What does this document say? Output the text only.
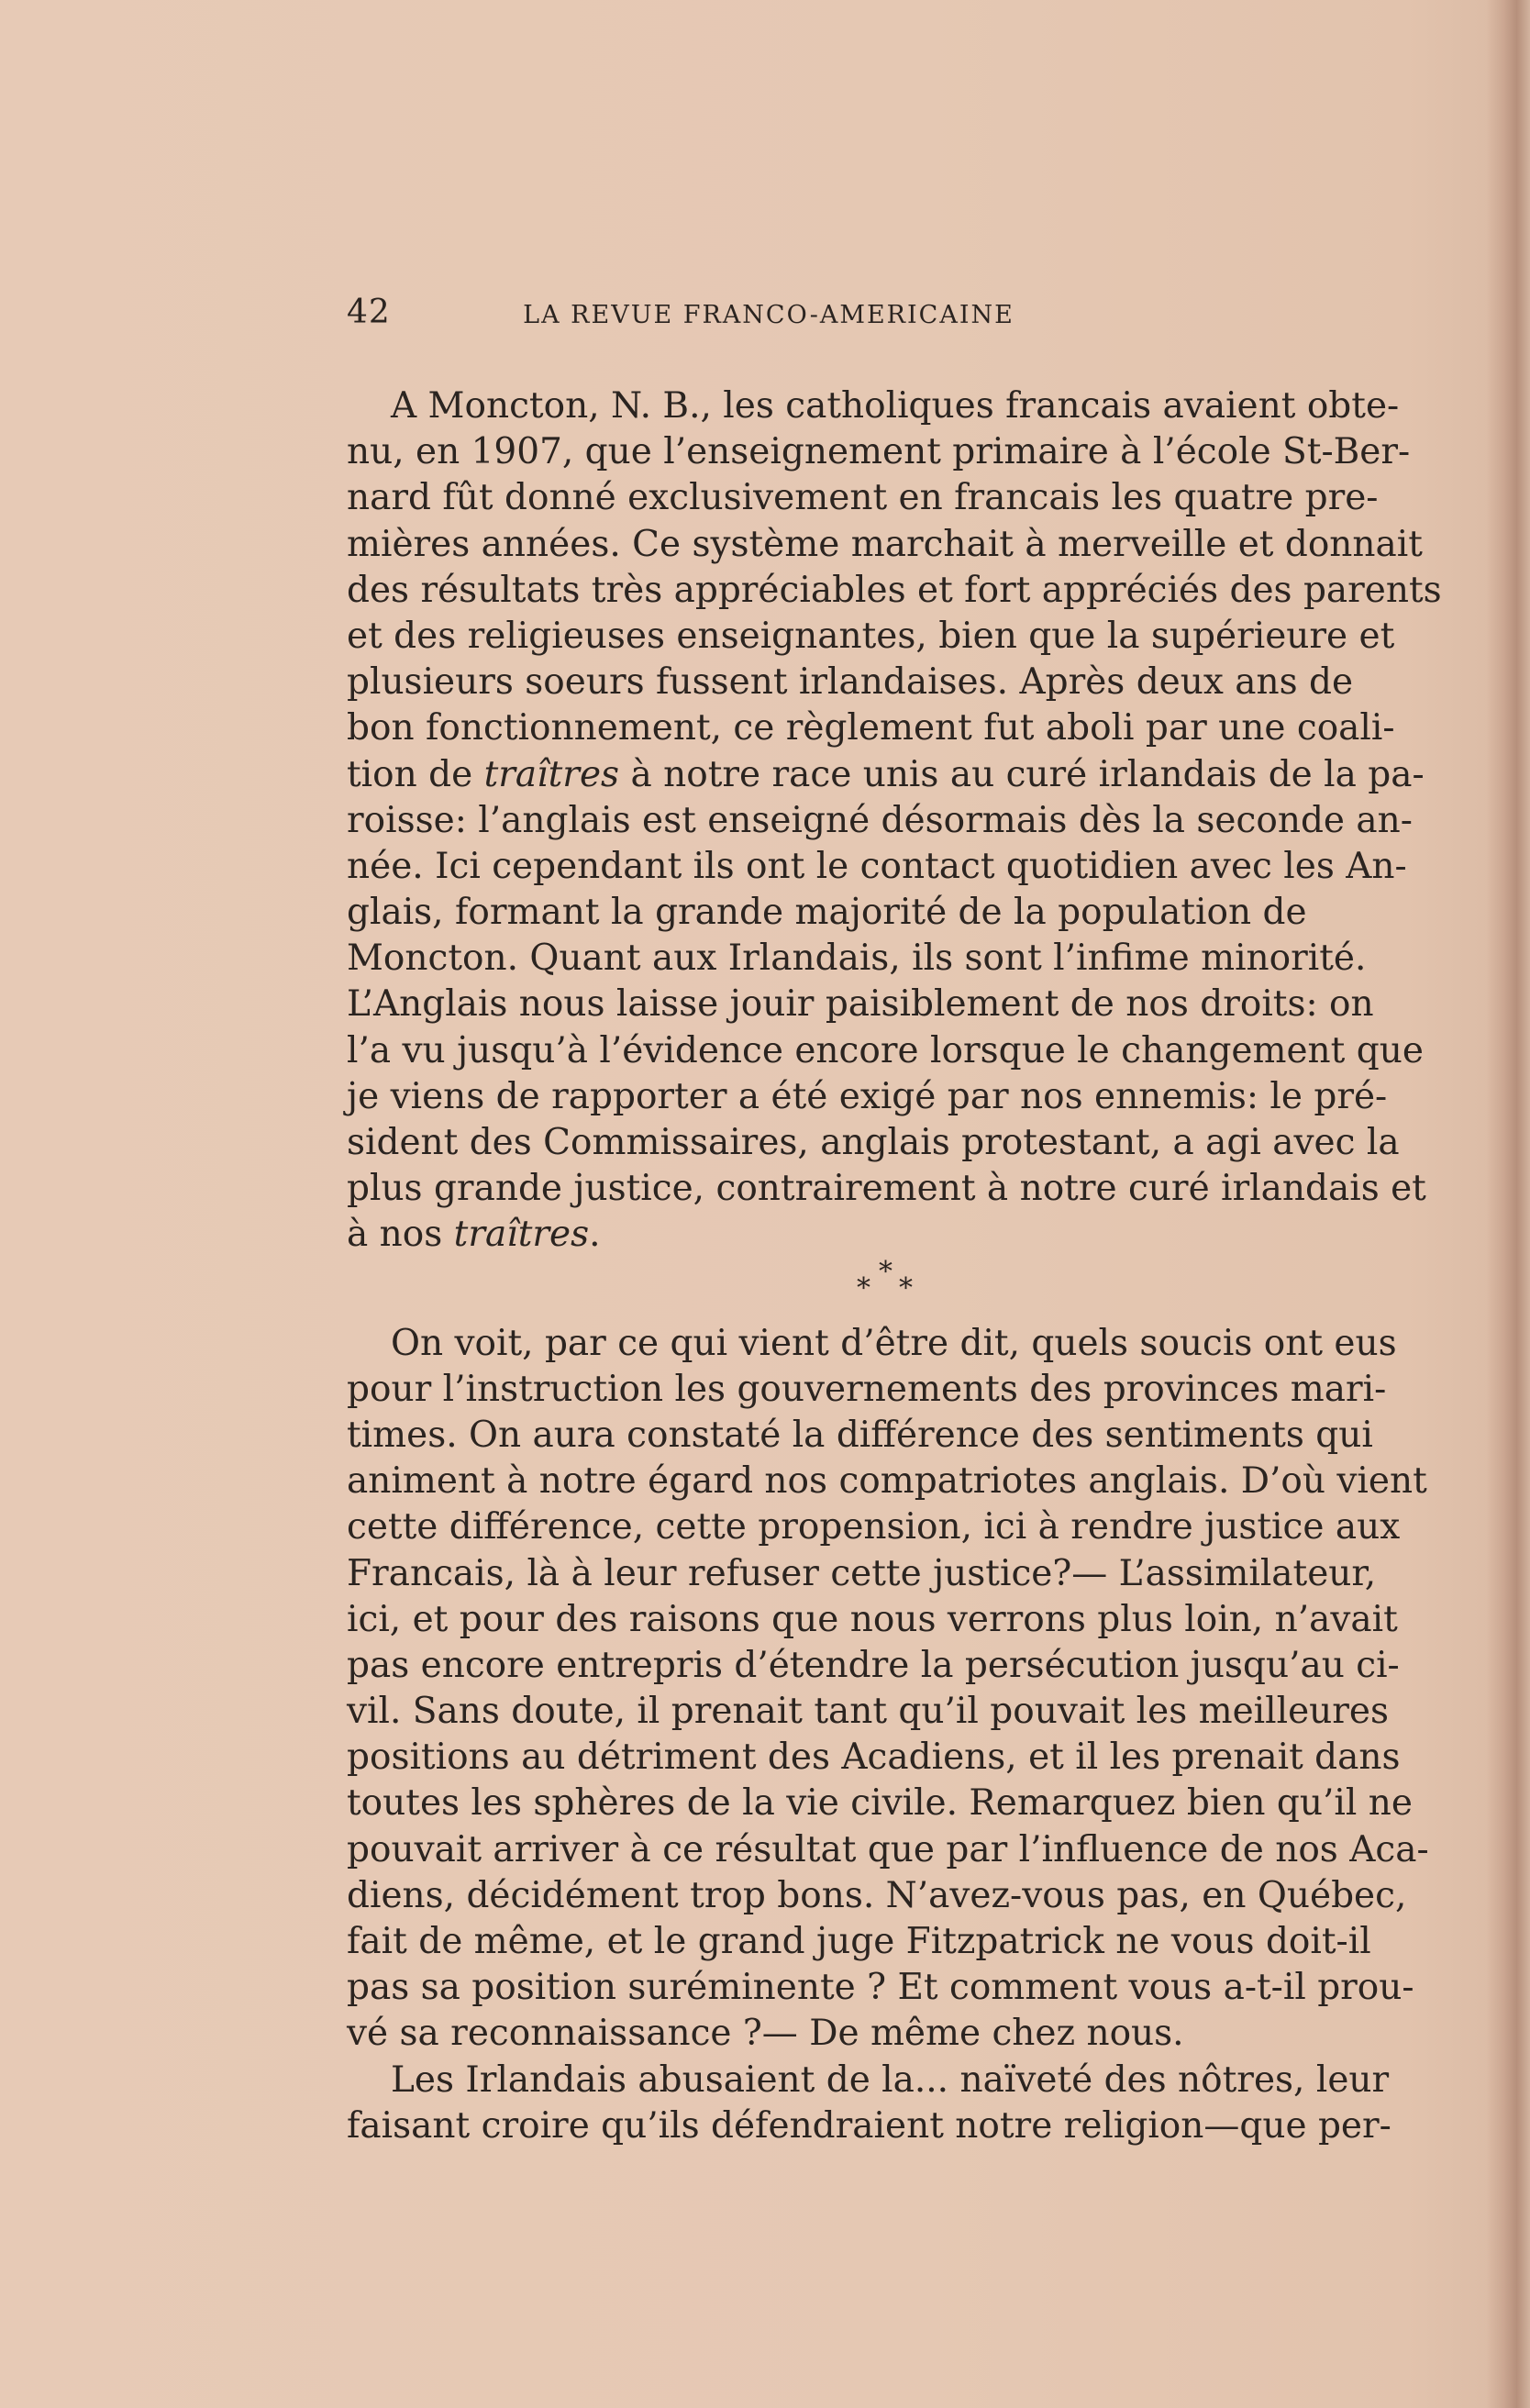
42	LA REVUE FRANCO-AMERICAINE
A Moncton, N. B., les catholiques francais avaient obte-
nu, en 1907, que l’enseignement primaire à l’école St-Ber-
nard fût donné exclusivement en francais les quatre pre-
mières années. Ce système marchait à merveille et donnait
des résultats très appréciables et fort appréciés des parents
et des religieuses enseignantes, bien que la supérieure et
plusieurs soeurs fussent irlandaises. Après deux ans de
bon fonctionnement, ce règlement fut aboli par une coali-
tion de traîtres à notre race unis au curé irlandais de la pa-
roisse: l’anglais est enseigné désormais dès la seconde an-
née. Ici cependant ils ont le contact quotidien avec les An-
glais, formant la grande majorité de la population de
Moncton. Quant aux Irlandais, ils sont l’infime minorité.
L’Anglais nous laisse jouir paisiblement de nos droits: on
l’a vu jusqu’à l’évidence encore lorsque le changement que
je viens de rapporter a été exigé par nos ennemis: le pré-
sident des Commissaires, anglais protestant, a agi avec la
plus grande justice, contrairement à notre curé irlandais et
à nos traîtres.
*
* *
On voit, par ce qui vient d’être dit, quels soucis ont eus
pour l’instruction les gouvernements des provinces mari-
times. On aura constaté la différence des sentiments qui
animent à notre égard nos compatriotes anglais. D’où vient
cette différence, cette propension, ici à rendre justice aux
Francais, là à leur refuser cette justice?— L’assimilateur,
ici, et pour des raisons que nous verrons plus loin, n’avait
pas encore entrepris d’étendre la persécution jusqu’au ci-
vil. Sans doute, il prenait tant qu’il pouvait les meilleures
positions au détriment des Acadiens, et il les prenait dans
toutes les sphères de la vie civile. Remarquez bien qu’il ne
pouvait arriver à ce résultat que par l’influence de nos Aca-
diens, décidément trop bons. N’avez-vous pas, en Québec,
fait de même, et le grand juge Fitzpatrick ne vous doit-il
pas sa position suréminente ? Et comment vous a-t-il prou-
vé sa reconnaissance ?— De même chez nous.
Les Irlandais abusaient de la... naïveté des nôtres, leur
faisant croire qu’ils défendraient notre religion—que per-
